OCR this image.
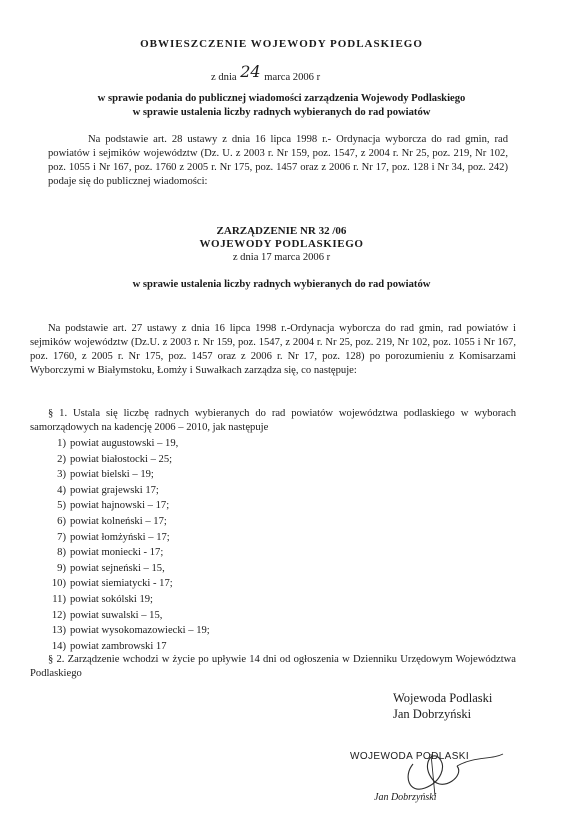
OBWIESZCZENIE WOJEWODY PODLASKIEGO
z dnia 24 marca 2006 r
w sprawie podania do publicznej wiadomości zarządzenia Wojewody Podlaskiego
w sprawie ustalenia liczby radnych wybieranych do rad powiatów
Na podstawie art. 28 ustawy z dnia 16 lipca 1998 r.- Ordynacja wyborcza do rad gmin, rad powiatów i sejmików województw (Dz. U. z 2003 r. Nr 159, poz. 1547, z 2004 r. Nr 25, poz. 219, Nr 102, poz. 1055 i Nr 167, poz. 1760 z 2005 r. Nr 175, poz. 1457 oraz z 2006 r. Nr 17, poz. 128 i Nr 34, poz. 242) podaje się do publicznej wiadomości:
ZARZĄDZENIE NR 32 /06
WOJEWODY PODLASKIEGO
z dnia 17 marca 2006 r
w sprawie ustalenia liczby radnych wybieranych do rad powiatów
Na podstawie art. 27 ustawy z dnia 16 lipca 1998 r.-Ordynacja wyborcza do rad gmin, rad powiatów i sejmików województw (Dz.U. z 2003 r. Nr 159, poz. 1547, z 2004 r. Nr 25, poz. 219, Nr 102, poz. 1055 i Nr 167, poz. 1760, z 2005 r. Nr 175, poz. 1457 oraz z 2006 r. Nr 17, poz. 128) po porozumieniu z Komisarzami Wyborczymi w Białymstoku, Łomży i Suwałkach zarządza się, co następuje:
§ 1. Ustala się liczbę radnych wybieranych do rad powiatów województwa podlaskiego w wyborach samorządowych na kadencję 2006 – 2010, jak następuje
1) powiat augustowski – 19,
2) powiat białostocki – 25;
3) powiat bielski – 19;
4) powiat grajewski 17;
5) powiat hajnowski – 17;
6) powiat kolneński – 17;
7) powiat łomżyński – 17;
8) powiat moniecki - 17;
9) powiat sejneński – 15,
10) powiat siemiatycki - 17;
11) powiat sokólski 19;
12) powiat suwalski – 15,
13) powiat wysokomazowiecki – 19;
14) powiat zambrowski 17
§ 2. Zarządzenie wchodzi w życie po upływie 14 dni od ogłoszenia w Dzienniku Urzędowym Województwa Podlaskiego
Wojewoda Podlaski
Jan Dobrzyński
WOJEWODA PODLASKI
Jan Dobrzyński
